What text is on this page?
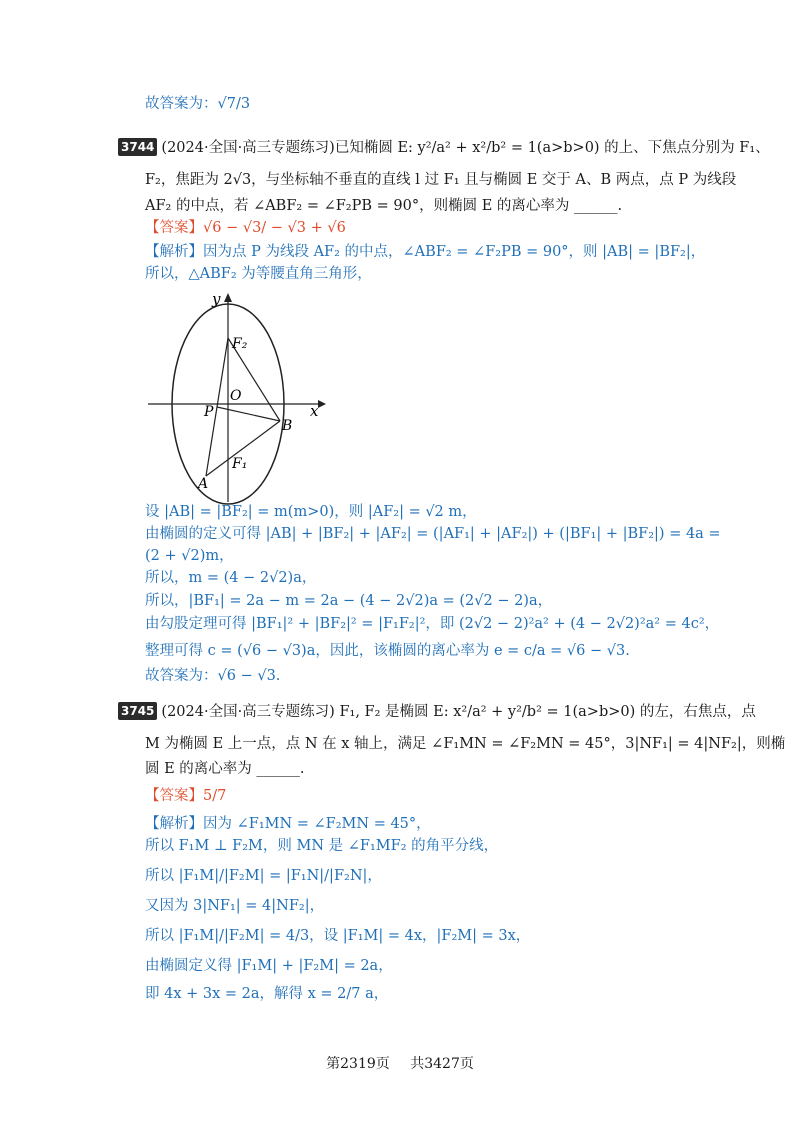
故答案为：√7/3
3744 (2024·全国·高三专题练习)已知椭圆 E: y²/a² + x²/b² = 1(a>b>0) 的上、下焦点分别为 F₁、
F₂，焦距为 2√3，与坐标轴不垂直的直线 l 过 F₁ 且与椭圆 E 交于 A、B 两点，点 P 为线段
AF₂ 的中点，若 ∠ABF₂ = ∠F₂PB = 90°，则椭圆 E 的离心率为 ______.
【答案】√6 − √3/ − √3 + √6
【解析】因为点 P 为线段 AF₂ 的中点，∠ABF₂ = ∠F₂PB = 90°，则 |AB| = |BF₂|，
所以，△ABF₂ 为等腰直角三角形，
设 |AB| = |BF₂| = m(m>0)，则 |AF₂| = √2 m，
由椭圆的定义可得 |AB| + |BF₂| + |AF₂| = (|AF₁| + |AF₂|) + (|BF₁| + |BF₂|) = 4a =
(2 + √2)m，
所以，m = (4 − 2√2)a，
所以，|BF₁| = 2a − m = 2a − (4 − 2√2)a = (2√2 − 2)a，
由勾股定理可得 |BF₁|² + |BF₂|² = |F₁F₂|²，即 (2√2 − 2)²a² + (4 − 2√2)²a² = 4c²，
整理可得 c = (√6 − √3)a，因此，该椭圆的离心率为 e = c/a = √6 − √3.
故答案为：√6 − √3.
3745 (2024·全国·高三专题练习) F₁, F₂ 是椭圆 E: x²/a² + y²/b² = 1(a>b>0) 的左，右焦点，点
M 为椭圆 E 上一点，点 N 在 x 轴上，满足 ∠F₁MN = ∠F₂MN = 45°，3|NF₁| = 4|NF₂|，则椭
圆 E 的离心率为 ______.
【答案】5/7
【解析】因为 ∠F₁MN = ∠F₂MN = 45°，
所以 F₁M ⊥ F₂M，则 MN 是 ∠F₁MF₂ 的角平分线，
所以 |F₁M|/|F₂M| = |F₁N|/|F₂N|，
又因为 3|NF₁| = 4|NF₂|，
所以 |F₁M|/|F₂M| = 4/3，设 |F₁M| = 4x，|F₂M| = 3x，
由椭圆定义得 |F₁M| + |F₂M| = 2a，
即 4x + 3x = 2a，解得 x = 2/7 a，
y
x
F₂
O
P
B
F₁
A
第2319页 共3427页
